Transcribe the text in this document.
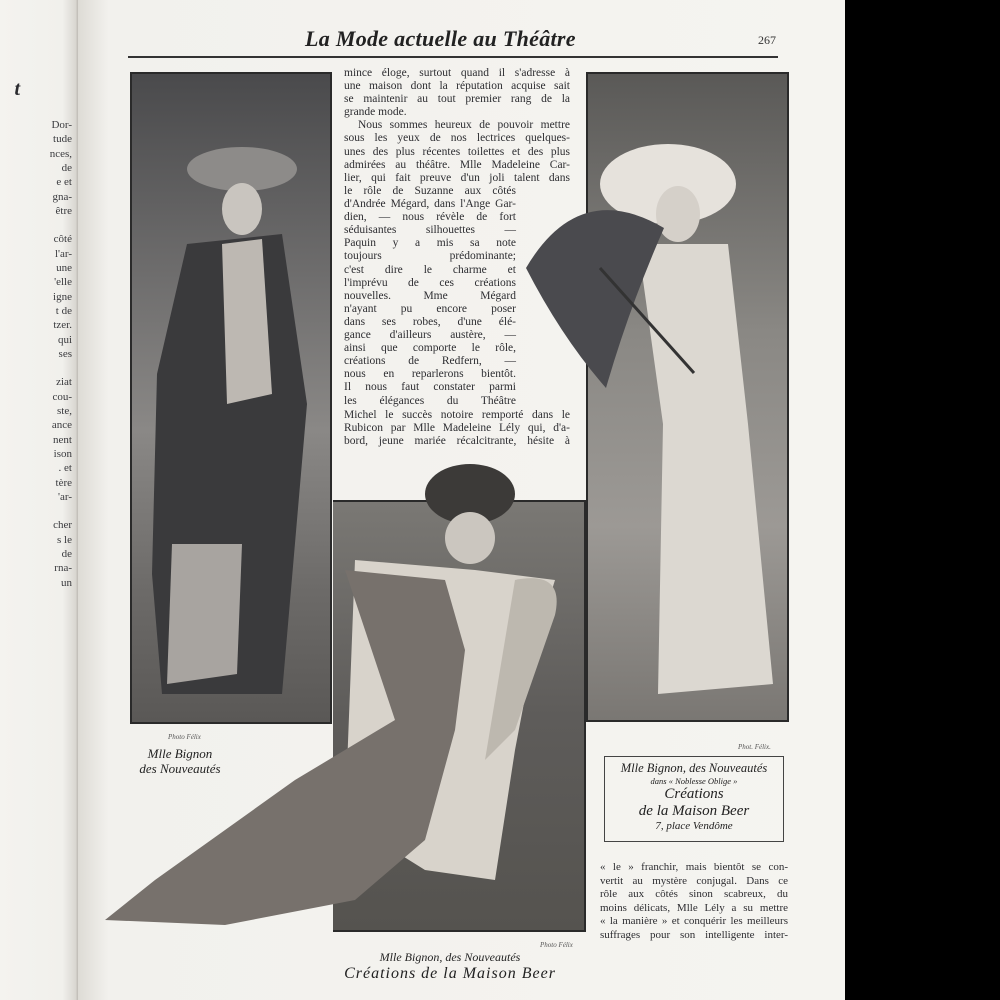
t
Dor-
tude
nces,
de
e et
gna-
être
côté
l'ar-
une
'elle
igne
t de
tzer.
qui
ses
ziat
cou-
ste,
ance
nent
ison
. et
tère
'ar-
cher
s le
de
rna-
un
La Mode actuelle au Théâtre	267
Photo Félix
Mlle Bignon
des Nouveautés
Phot. Félix.
Mlle Bignon, des Nouveautés
dans « Noblesse Oblige »
Créations
de la Maison Beer
7, place Vendôme
Photo Félix
Mlle Bignon, des Nouveautés
Créations de la Maison Beer
mince éloge, surtout quand il s'adresse à
une maison dont la réputation acquise sait
se maintenir au tout premier rang de la
grande mode.
Nous sommes heureux de pouvoir mettre
sous les yeux de nos lectrices quelques-
unes des plus récentes toilettes et des plus
admirées au théâtre. Mlle Madeleine Car-
lier, qui fait preuve d'un joli talent dans
le rôle de Suzanne aux côtés
d'Andrée Mégard, dans l'Ange Gar-
dien, — nous révèle de fort
séduisantes silhouettes —
Paquin y a mis sa note
toujours prédominante;
c'est dire le charme et
l'imprévu de ces créations
nouvelles. Mme Mégard
n'ayant pu encore poser
dans ses robes, d'une élé-
gance d'ailleurs austère, —
ainsi que comporte le rôle,
créations de Redfern, —
nous en reparlerons bientôt.
Il nous faut constater parmi
les élégances du Théâtre
Michel le succès notoire remporté dans le
Rubicon par Mlle Madeleine Lély qui, d'a-
bord, jeune mariée récalcitrante, hésite à
« le » franchir, mais bientôt se con-
vertit au mystère conjugal. Dans ce
rôle aux côtés sinon scabreux, du
moins délicats, Mlle Lély a su mettre
« la manière » et conquérir les meilleurs
suffrages pour son intelligente inter-
